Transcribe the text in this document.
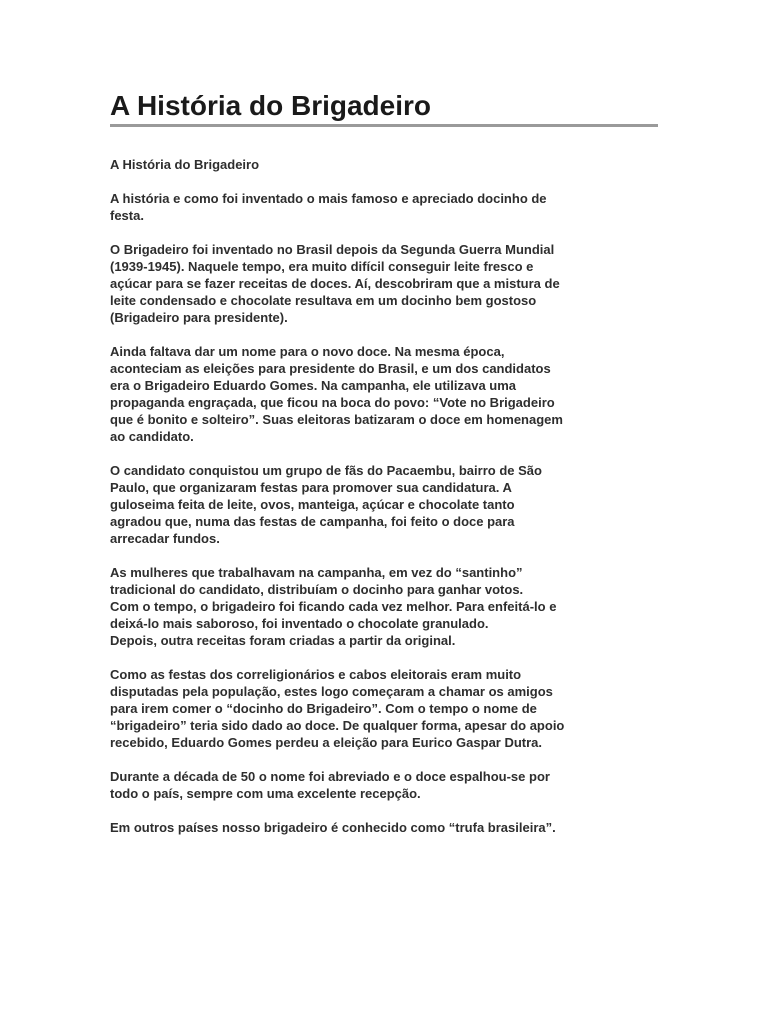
A História do Brigadeiro

A História do Brigadeiro

A história e como foi inventado o mais famoso e apreciado docinho de
festa.

O Brigadeiro foi inventado no Brasil depois da Segunda Guerra Mundial
(1939-1945). Naquele tempo, era muito difícil conseguir leite fresco e
açúcar para se fazer receitas de doces. Aí, descobriram que a mistura de
leite condensado e chocolate resultava em um docinho bem gostoso
(Brigadeiro para presidente).

Ainda faltava dar um nome para o novo doce. Na mesma época,
aconteciam as eleições para presidente do Brasil, e um dos candidatos
era o Brigadeiro Eduardo Gomes. Na campanha, ele utilizava uma
propaganda engraçada, que ficou na boca do povo: “Vote no Brigadeiro
que é bonito e solteiro”. Suas eleitoras batizaram o doce em homenagem
ao candidato.

O candidato conquistou um grupo de fãs do Pacaembu, bairro de São
Paulo, que organizaram festas para promover sua candidatura. A
guloseima feita de leite, ovos, manteiga, açúcar e chocolate tanto
agradou que, numa das festas de campanha, foi feito o doce para
arrecadar fundos.

As mulheres que trabalhavam na campanha, em vez do “santinho”
tradicional do candidato, distribuíam o docinho para ganhar votos.
Com o tempo, o brigadeiro foi ficando cada vez melhor. Para enfeitá-lo e
deixá-lo mais saboroso, foi inventado o chocolate granulado.
Depois, outra receitas foram criadas a partir da original.

Como as festas dos correligionários e cabos eleitorais eram muito
disputadas pela população, estes logo começaram a chamar os amigos
para irem comer o “docinho do Brigadeiro”. Com o tempo o nome de
“brigadeiro” teria sido dado ao doce. De qualquer forma, apesar do apoio
recebido, Eduardo Gomes perdeu a eleição para Eurico Gaspar Dutra.

Durante a década de 50 o nome foi abreviado e o doce espalhou-se por
todo o país, sempre com uma excelente recepção.

Em outros países nosso brigadeiro é conhecido como “trufa brasileira”.
